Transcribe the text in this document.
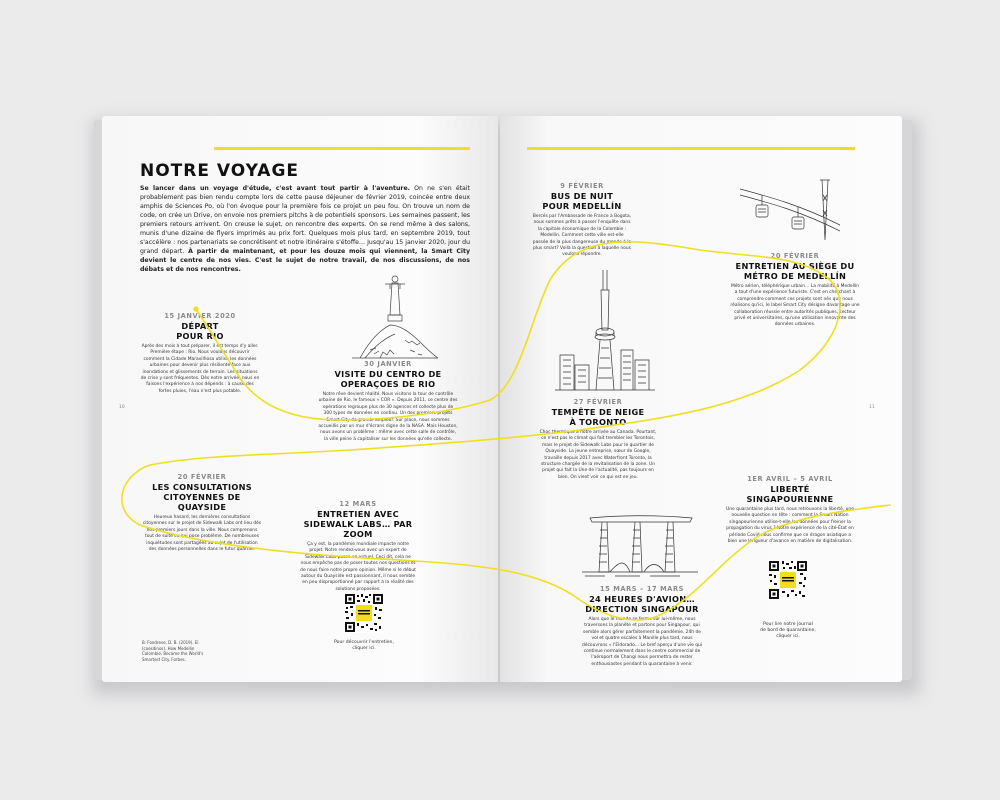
NOTRE VOYAGE
Se lancer dans un voyage d'étude, c'est avant tout partir à l'aventure. On ne s'en était probablement pas bien rendu compte lors de cette pause déjeuner de février 2019, coincée entre deux amphis de Sciences Po, où l'on évoque pour la première fois ce projet un peu fou. On trouve un nom de code, on crée un Drive, on envoie nos premiers pitchs à de potentiels sponsors. Les semaines passent, les premiers retours arrivent. On creuse le sujet, on rencontre des experts. On se rend même à des salons, munis d'une dizaine de flyers imprimés au prix fort. Quelques mois plus tard, en septembre 2019, tout s'accélère : nos partenariats se concrétisent et notre itinéraire s'étoffe… Jusqu'au 15 janvier 2020, jour du grand départ. À partir de maintenant, et pour les douze mois qui viennent, la Smart City devient le centre de nos vies. C'est le sujet de notre travail, de nos discussions, de nos débats et de nos rencontres.
15 JANVIER 2020
DÉPART POUR RIO
Après des mois à tout préparer, il est temps d'y aller. Première étape : Rio. Nous voulons découvrir comment la Cidade Maravilhosa utilise les données urbaines pour devenir plus résiliente face aux inondations et glissements de terrain. Les situations de crise y sont fréquentes. Dès notre arrivée, nous en faisons l'expérience à nos dépends : à cause des fortes pluies, l'eau n'est plus potable.
30 JANVIER
VISITE DU CENTRO DE OPERAÇOES DE RIO
Notre rêve devient réalité. Nous visitons la tour de contrôle urbaine de Rio, le fameux « COR ». Depuis 2011, ce centre des opérations regroupe plus de 30 agences et collecte plus de 300 types de données en continu. Un des premiers projets Smart City de grande ampleur. Sur place, nous sommes accueillis par un mur d'écrans digne de la NASA. Mais Houston, nous avons un problème : même avec cette salle de contrôle, la ville peine à capitaliser sur les données qu'elle collecte.
20 FÉVRIER
LES CONSULTATIONS CITOYENNES DE QUAYSIDE
Heureux hasard, les dernières consultations citoyennes sur le projet de Sidewalk Labs ont lieu dès nos premiers jours dans la ville. Nous comprenons tout de suite ce qui pose problème. De nombreuses inquiétudes sont partagées au sujet de l'utilisation des données personnelles dans le futur quartier.
12 MARS
ENTRETIEN AVEC SIDEWALK LABS… PAR ZOOM
Ça y est, la pandémie mondiale impacte notre projet. Notre rendez-vous avec un expert de Sidewalk Labs passe en virtuel. Ceci dit, cela ne nous empêche pas de poser toutes nos questions et de nous faire notre propre opinion. Même si le début autour du Quayside est passionnant, il nous semble en peu disproportionné par rapport à la réalité des solutions proposées.
Pour découvrir l'entretien, cliquer ici.
B. Fondrese, D. B. (2019). El (coesdinos). How Medellin Colombie, Became the World's Smartest City. Forbes.
10	11
9 FÉVRIER
BUS DE NUIT POUR MEDELLÍN
Bercés par l'Ambassade de France à Bogota, nous sommes prêts à passer l'enquête dans la capitale économique de la Colombie : Medellín. Comment cette ville est-elle passée de la plus dangereuse du monde à la plus smart? Voilà la question à laquelle nous voulons répondre.	20 FÉVRIER
ENTRETIEN AU SIÈGE DU MÉTRO DE MEDELLÍN
Métro aérien, téléphérique urbain… La mobilité à Medellín a tout d'une expérience futuriste. C'est en cherchant à comprendre comment ces projets sont nés que nous réalisons qu'ici, le label Smart City désigne davantage une collaboration réussie entre autorités publiques, secteur privé et universitaires, qu'une utilisation innovante des données urbaines.
27 FÉVRIER
TEMPÊTE DE NEIGE À TORONTO
Choc thermique à notre arrivée au Canada. Pourtant, ce n'est pas le climat qui fait trembler les Torontois, mais le projet de Sidewalk Labs pour le quartier de Quayside. La jeune entreprise, sœur de Google, travaille depuis 2017 avec Waterfront Toronto, la structure chargée de la revitalisation de la zone. Un projet qui fait la Une de l'actualité, pas toujours en bien. On vient voir ce qui est en jeu.	1ER AVRIL – 5 AVRIL
LIBERTÉ SINGAPOURIENNE
Une quarantaine plus tard, nous retrouvons la liberté, une nouvelle question en tête : comment la Smart Nation singapourienne utilise-t-elle les données pour freiner la propagation du virus ? Notre expérience de la cité-État en période Covid nous confirme que ce dragon asiatique a bien une longueur d'avance en matière de digitalisation.
15 MARS – 17 MARS
24 HEURES D'AVION… DIRECTION SINGAPOUR
Alors que le monde se ferme sur lui-même, nous traversons la planète et partons pour Singapour, qui semble alors gérer parfaitement la pandémie. 24h de vol et quatre escales à Manille plus tard, nous découvrons « l'Eldorado… Le bref aperçu d'une vie qui continue normalement dans le centre commercial de l'aéroport de Changi nous permettra de rester enthousiastes pendant la quarantaine à venir.
Pour lire notre journal de bord de quarantaine, cliquer ici.
